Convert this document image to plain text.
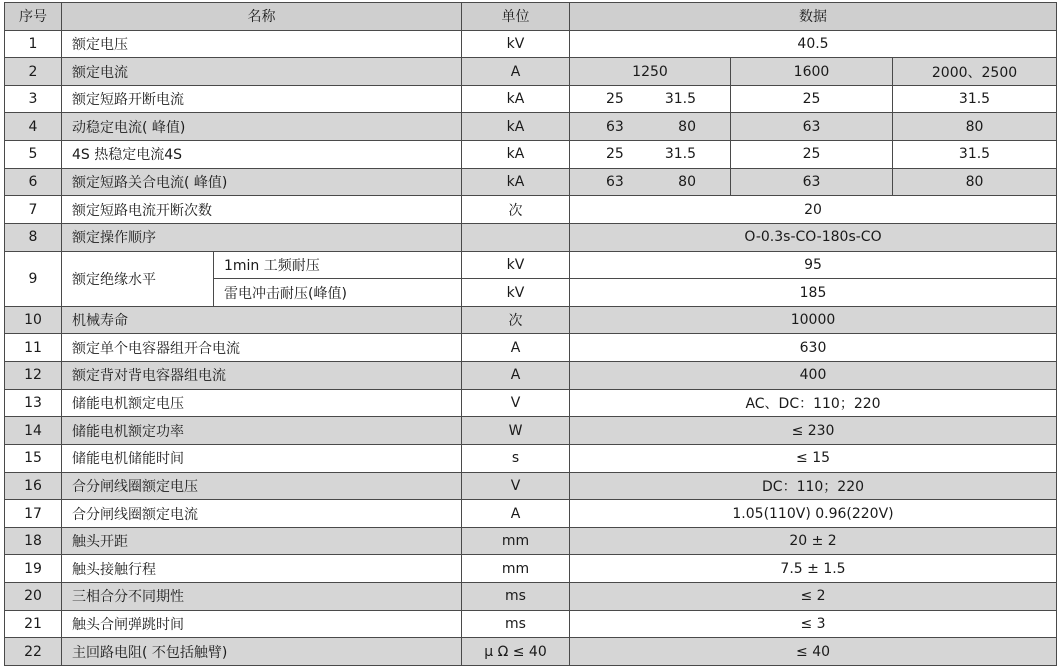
序号	名称		单位	数据		
1	额定电压		kV	40.5		
2	额定电流		A	1250	1600	2000、2500
3	额定短路开断电流		kA	25 31.5	25	31.5
4	动稳定电流( 峰值)		kA	63 80	63	80
5	4S 热稳定电流4S		kA	25 31.5	25	31.5
6	额定短路关合电流( 峰值)		kA	63 80	63	80
7	额定短路电流开断次数		次	20		
8	额定操作顺序			O-0.3s-CO-180s-CO		
9	额定绝缘水平	1min 工频耐压	kV	95		
		雷电冲击耐压(峰值)	kV	185		
10	机械寿命		次	10000		
11	额定单个电容器组开合电流		A	630		
12	额定背对背电容器组电流		A	400		
13	储能电机额定电压		V	AC、DC：110；220		
14	储能电机额定功率		W	≤ 230		
15	储能电机储能时间		s	≤ 15		
16	合分闸线圈额定电压		V	DC：110；220		
17	合分闸线圈额定电流		A	1.05(110V) 0.96(220V)		
18	触头开距		mm	20 ± 2		
19	触头接触行程		mm	7.5 ± 1.5		
20	三相合分不同期性		ms	≤ 2		
21	触头合闸弹跳时间		ms	≤ 3		
22	主回路电阻( 不包括触臂)		μ Ω ≤ 40	≤ 40		
